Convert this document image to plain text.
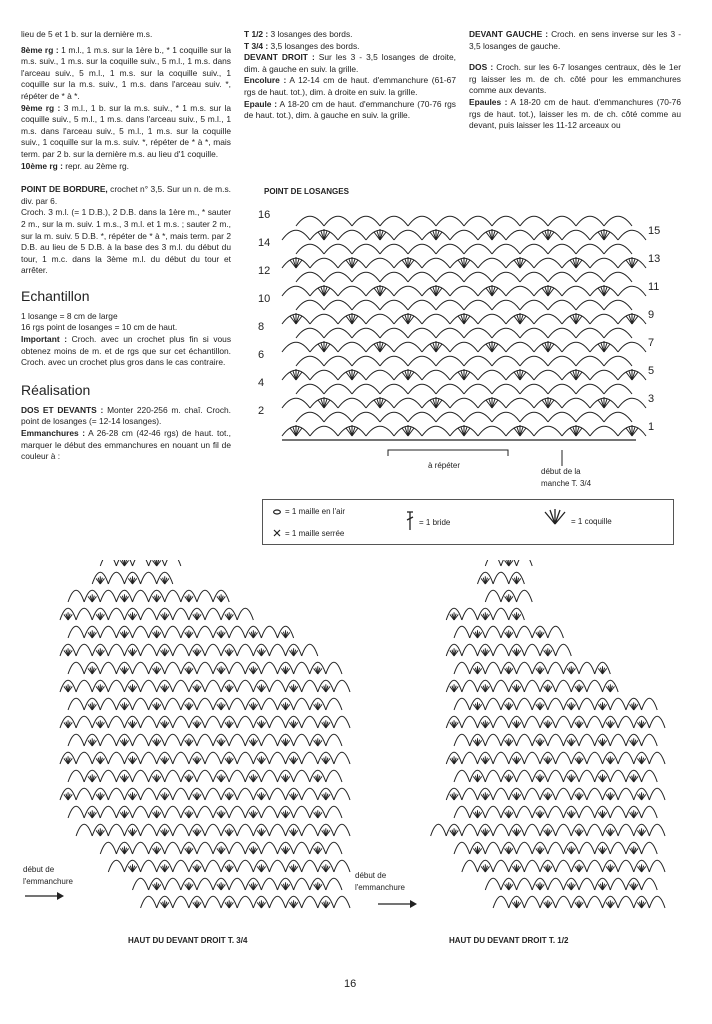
lieu de 5 et 1 b. sur la dernière m.s.

8ème rg : 1 m.l., 1 m.s. sur la 1ère b., * 1 coquille sur la m.s. suiv., 1 m.s. sur la coquille suiv., 5 m.l., 1 m.s. dans l'arceau suiv., 5 m.l., 1 m.s. sur la coquille suiv., 1 coquille sur la m.s. suiv., 1 m.s. dans l'arceau suiv. *, répéter de * à *.

9ème rg : 3 m.l., 1 b. sur la m.s. suiv., * 1 m.s. sur la coquille suiv., 5 m.l., 1 m.s. dans l'arceau suiv., 5 m.l., 1 m.s. dans l'arceau suiv., 5 m.l., 1 m.s. sur la coquille suiv., 1 coquille sur la m.s. suiv. *, répéter de * à *, mais term. par 2 b. sur la dernière m.s. au lieu d'1 coquille.

10ème rg : repr. au 2ème rg.

POINT DE BORDURE, crochet n° 3,5. Sur un n. de m.s. div. par 6.

Croch. 3 m.l. (= 1 D.B.), 2 D.B. dans la 1ère m., * sauter 2 m., sur la m. suiv. 1 m.s., 3 m.l. et 1 m.s. ; sauter 2 m., sur la m. suiv. 5 D.B. *, répéter de * à *, mais term. par 2 D.B. au lieu de 5 D.B. à la base des 3 m.l. du début du tour, 1 m.c. dans la 3ème m.l. du début du tour et arrêter.

Echantillon

1 losange = 8 cm de large

16 rgs point de losanges = 10 cm de haut.

Important : Croch. avec un crochet plus fin si vous obtenez moins de m. et de rgs que sur cet échantillon. Croch. avec un crochet plus gros dans le cas contraire.

Réalisation

DOS ET DEVANTS : Monter 220-256 m. chaî. Croch. point de losanges (= 12-14 losanges).

Emmanchures : A 26-28 cm (42-46 rgs) de haut. tot., marquer le début des emmanchures en nouant un fil de couleur à :

T 1/2 : 3 losanges des bords.

T 3/4 : 3,5 losanges des bords.

DEVANT DROIT : Sur les 3 - 3,5 losanges de droite, dim. à gauche en suiv. la grille.

Encolure : A 12-14 cm de haut. d'emmanchure (61-67 rgs de haut. tot.), dim. à droite en suiv. la grille.

Epaule : A 18-20 cm de haut. d'emmanchure (70-76 rgs de haut. tot.), dim. à gauche en suiv. la grille.

DEVANT GAUCHE : Croch. en sens inverse sur les 3 - 3,5 losanges de gauche.

DOS : Croch. sur les 6-7 losanges centraux, dès le 1er rg laisser les m. de ch. côté pour les emmanchures comme aux devants.

Epaules : A 18-20 cm de haut. d'emmanchures (70-76 rgs de haut. tot.), laisser les m. de ch. côté comme au devant, puis laisser les 11-12 arceaux ou

POINT DE LOSANGES
16
14
12
10
8
6
4
2
15
13
11
9
7
5
3
1
à répéter
début de la
manche T. 3/4
= 1 maille en l'air
= 1 maille serrée
= 1 bride	= 1 coquille
début de
l'emmanchure
HAUT DU DEVANT DROIT T. 3/4
début de
l'emmanchure
HAUT DU DEVANT DROIT T. 1/2
16
